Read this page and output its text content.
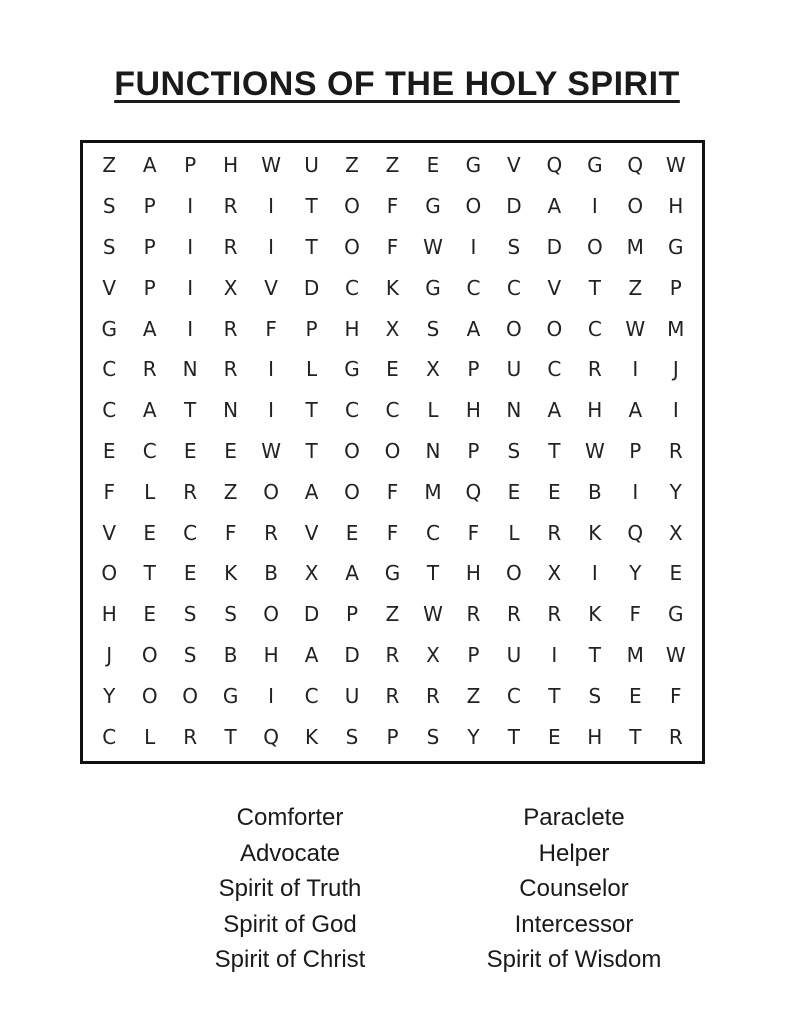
FUNCTIONS OF THE HOLY SPIRIT
Z	A	P	H	W	U	Z	Z	E	G	V	Q	G	Q	W
S	P	I	R	I	T	O	F	G	O	D	A	I	O	H
S	P	I	R	I	T	O	F	W	I	S	D	O	M	G
V	P	I	X	V	D	C	K	G	C	C	V	T	Z	P
G	A	I	R	F	P	H	X	S	A	O	O	C	W	M
C	R	N	R	I	L	G	E	X	P	U	C	R	I	J
C	A	T	N	I	T	C	C	L	H	N	A	H	A	I
E	C	E	E	W	T	O	O	N	P	S	T	W	P	R
F	L	R	Z	O	A	O	F	M	Q	E	E	B	I	Y
V	E	C	F	R	V	E	F	C	F	L	R	K	Q	X
O	T	E	K	B	X	A	G	T	H	O	X	I	Y	E
H	E	S	S	O	D	P	Z	W	R	R	R	K	F	G
J	O	S	B	H	A	D	R	X	P	U	I	T	M	W
Y	O	O	G	I	C	U	R	R	Z	C	T	S	E	F
C	L	R	T	Q	K	S	P	S	Y	T	E	H	T	R
Comforter
Advocate
Spirit of Truth
Spirit of God
Spirit of Christ
Paraclete
Helper
Counselor
Intercessor
Spirit of Wisdom
